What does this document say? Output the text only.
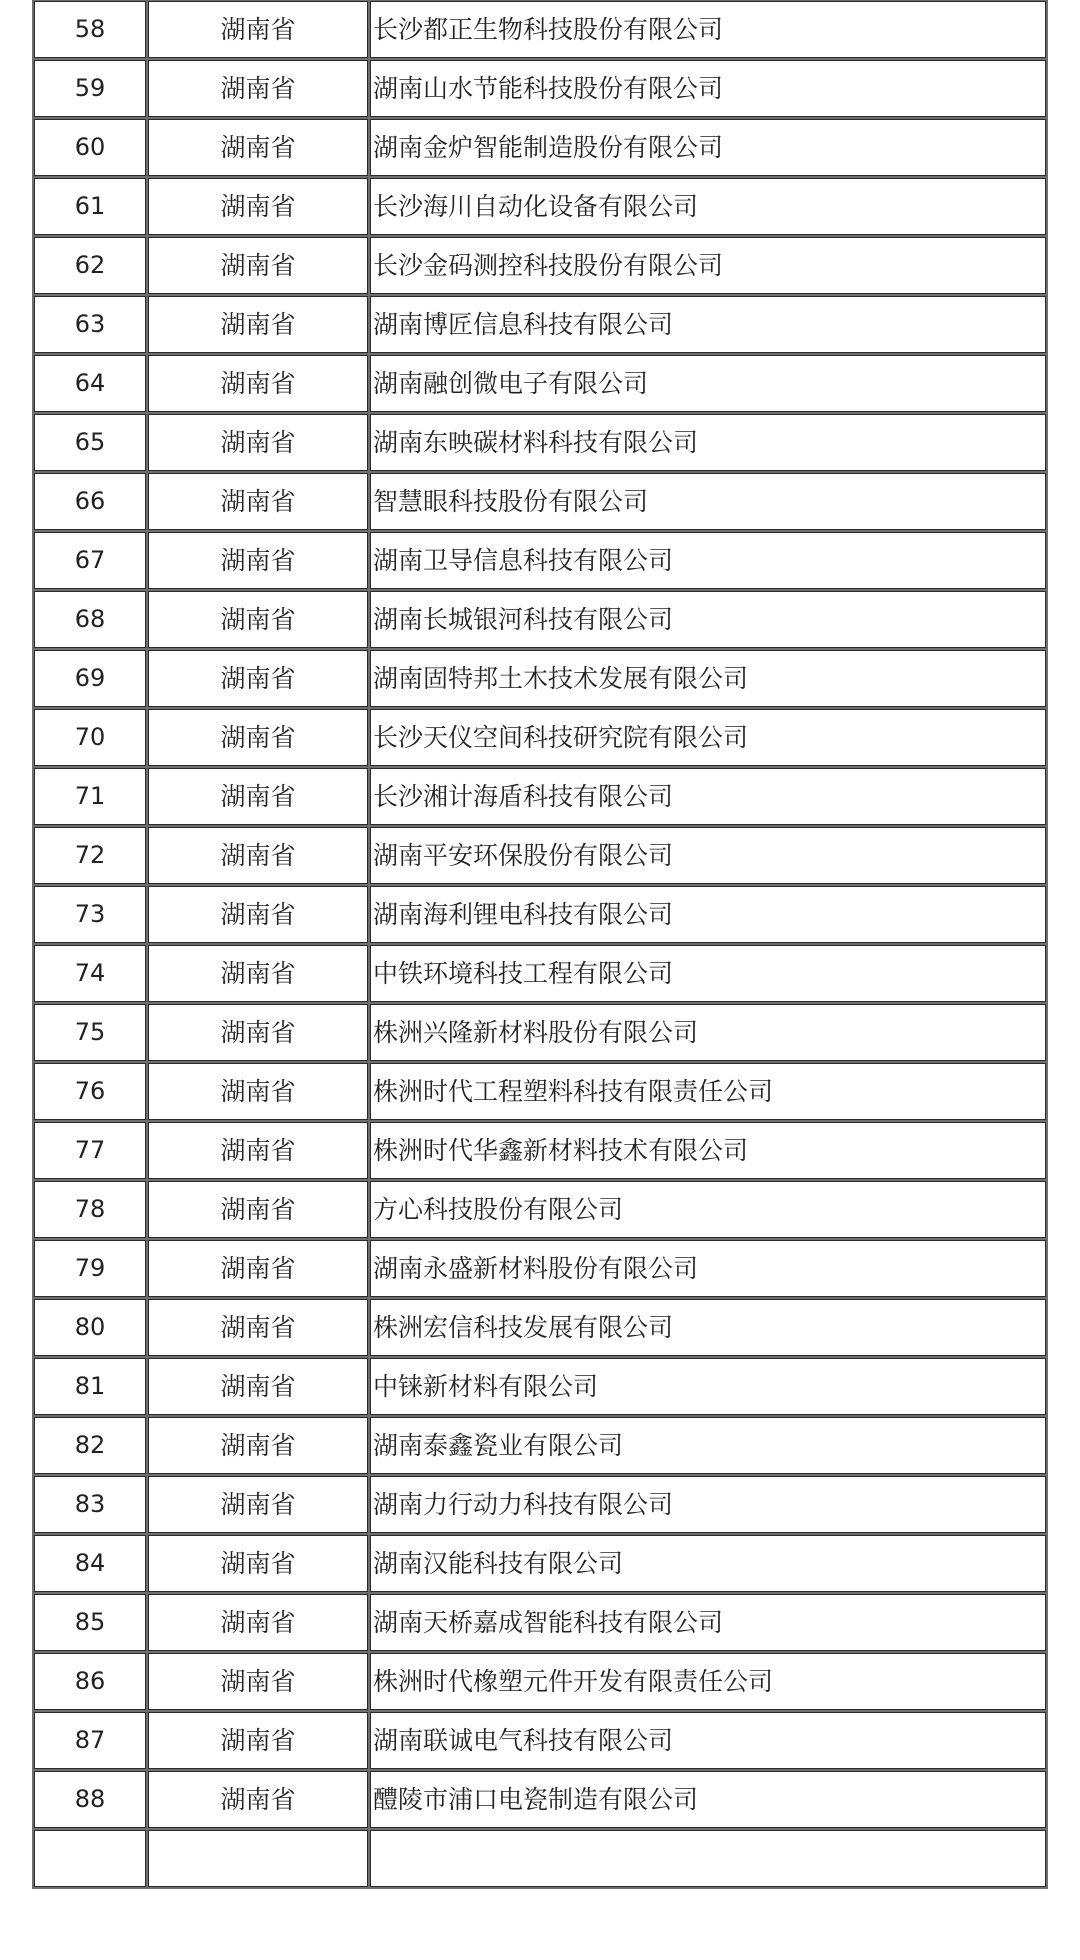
58	湖南省	长沙都正生物科技股份有限公司
59	湖南省	湖南山水节能科技股份有限公司
60	湖南省	湖南金炉智能制造股份有限公司
61	湖南省	长沙海川自动化设备有限公司
62	湖南省	长沙金码测控科技股份有限公司
63	湖南省	湖南博匠信息科技有限公司
64	湖南省	湖南融创微电子有限公司
65	湖南省	湖南东映碳材料科技有限公司
66	湖南省	智慧眼科技股份有限公司
67	湖南省	湖南卫导信息科技有限公司
68	湖南省	湖南长城银河科技有限公司
69	湖南省	湖南固特邦土木技术发展有限公司
70	湖南省	长沙天仪空间科技研究院有限公司
71	湖南省	长沙湘计海盾科技有限公司
72	湖南省	湖南平安环保股份有限公司
73	湖南省	湖南海利锂电科技有限公司
74	湖南省	中铁环境科技工程有限公司
75	湖南省	株洲兴隆新材料股份有限公司
76	湖南省	株洲时代工程塑料科技有限责任公司
77	湖南省	株洲时代华鑫新材料技术有限公司
78	湖南省	方心科技股份有限公司
79	湖南省	湖南永盛新材料股份有限公司
80	湖南省	株洲宏信科技发展有限公司
81	湖南省	中铼新材料有限公司
82	湖南省	湖南泰鑫瓷业有限公司
83	湖南省	湖南力行动力科技有限公司
84	湖南省	湖南汉能科技有限公司
85	湖南省	湖南天桥嘉成智能科技有限公司
86	湖南省	株洲时代橡塑元件开发有限责任公司
87	湖南省	湖南联诚电气科技有限公司
88	湖南省	醴陵市浦口电瓷制造有限公司
